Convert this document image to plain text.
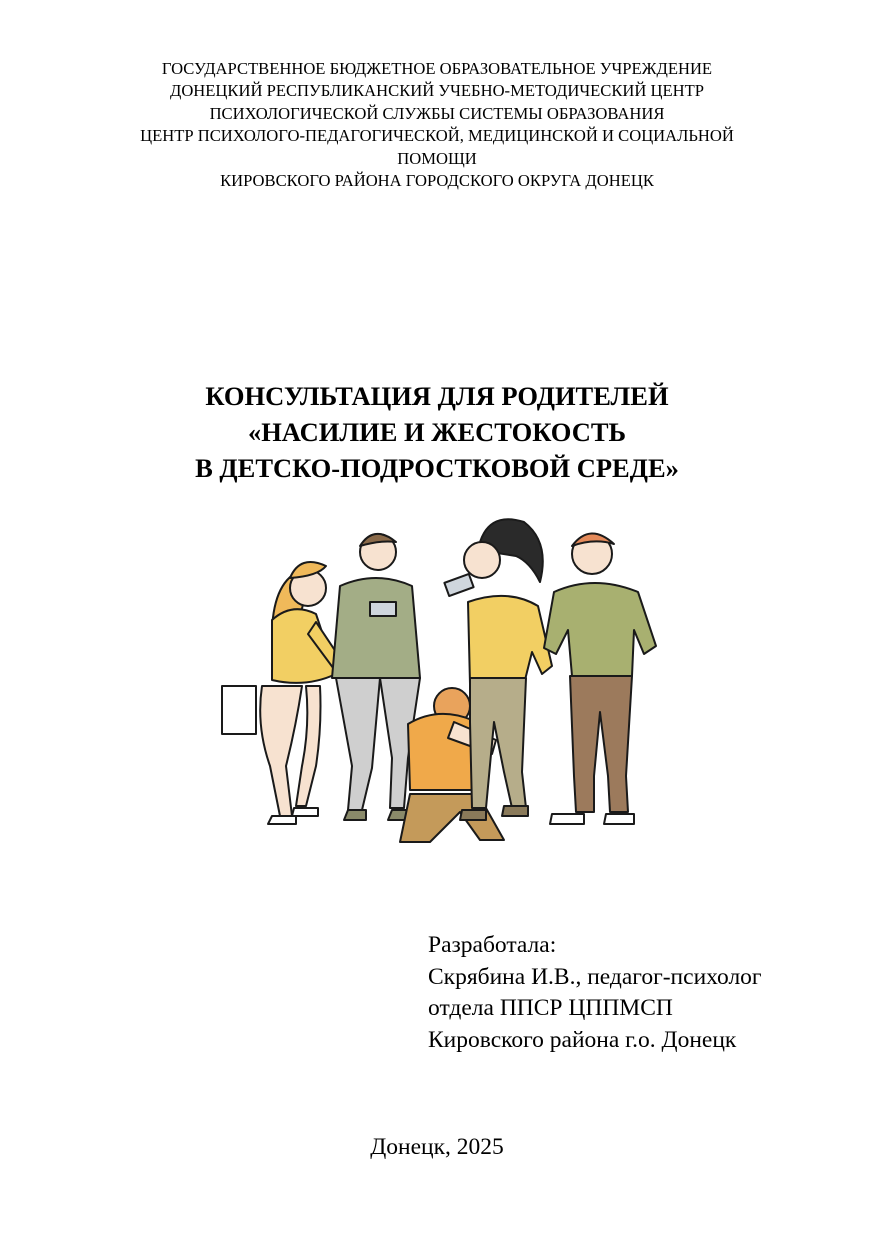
ГОСУДАРСТВЕННОЕ БЮДЖЕТНОЕ ОБРАЗОВАТЕЛЬНОЕ УЧРЕЖДЕНИЕ
ДОНЕЦКИЙ РЕСПУБЛИКАНСКИЙ УЧЕБНО-МЕТОДИЧЕСКИЙ ЦЕНТР
ПСИХОЛОГИЧЕСКОЙ СЛУЖБЫ СИСТЕМЫ ОБРАЗОВАНИЯ
ЦЕНТР ПСИХОЛОГО-ПЕДАГОГИЧЕСКОЙ, МЕДИЦИНСКОЙ И СОЦИАЛЬНОЙ
ПОМОЩИ
КИРОВСКОГО РАЙОНА ГОРОДСКОГО ОКРУГА ДОНЕЦК
КОНСУЛЬТАЦИЯ ДЛЯ РОДИТЕЛЕЙ
«НАСИЛИЕ И ЖЕСТОКОСТЬ
В ДЕТСКО-ПОДРОСТКОВОЙ СРЕДЕ»
Разработала:
Скрябина И.В., педагог-психолог
отдела ППСР ЦППМСП
Кировского района г.о. Донецк
Донецк, 2025
